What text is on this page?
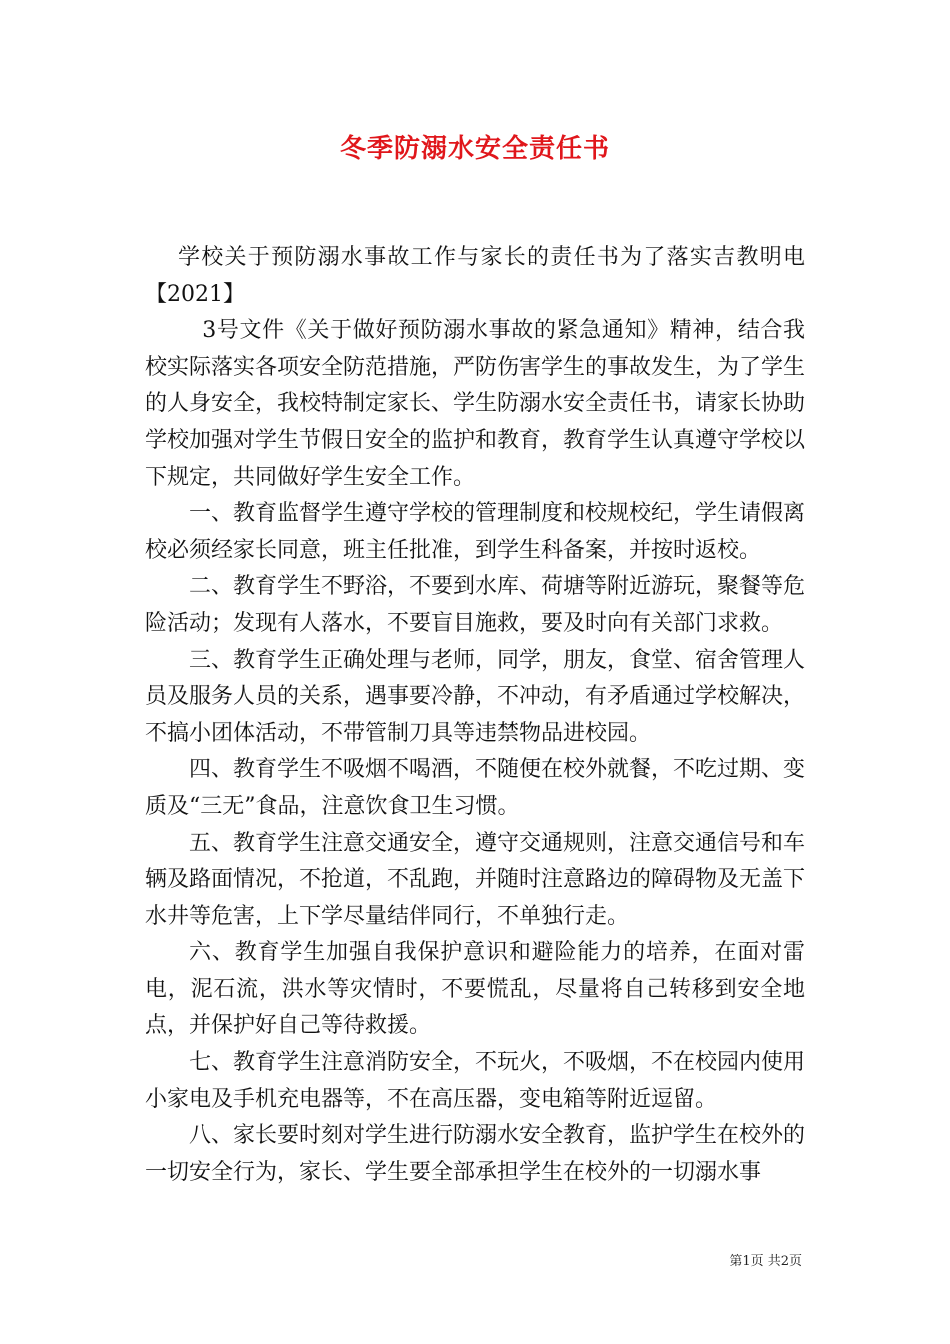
冬季防溺水安全责任书

学校关于预防溺水事故工作与家长的责任书为了落实吉教明电【2021】

3号文件《关于做好预防溺水事故的紧急通知》精神，结合我校实际落实各项安全防范措施，严防伤害学生的事故发生，为了学生的人身安全，我校特制定家长、学生防溺水安全责任书，请家长协助学校加强对学生节假日安全的监护和教育，教育学生认真遵守学校以下规定，共同做好学生安全工作。

一、教育监督学生遵守学校的管理制度和校规校纪，学生请假离校必须经家长同意，班主任批准，到学生科备案，并按时返校。

二、教育学生不野浴，不要到水库、荷塘等附近游玩，聚餐等危险活动；发现有人落水，不要盲目施救，要及时向有关部门求救。

三、教育学生正确处理与老师，同学，朋友，食堂、宿舍管理人员及服务人员的关系，遇事要冷静，不冲动，有矛盾通过学校解决，不搞小团体活动，不带管制刀具等违禁物品进校园。

四、教育学生不吸烟不喝酒，不随便在校外就餐，不吃过期、变质及“三无”食品，注意饮食卫生习惯。

五、教育学生注意交通安全，遵守交通规则，注意交通信号和车辆及路面情况，不抢道，不乱跑，并随时注意路边的障碍物及无盖下水井等危害，上下学尽量结伴同行，不单独行走。

六、教育学生加强自我保护意识和避险能力的培养，在面对雷电，泥石流，洪水等灾情时，不要慌乱，尽量将自己转移到安全地点，并保护好自己等待救援。

七、教育学生注意消防安全，不玩火，不吸烟，不在校园内使用小家电及手机充电器等，不在高压器，变电箱等附近逗留。

八、家长要时刻对学生进行防溺水安全教育，监护学生在校外的一切安全行为，家长、学生要全部承担学生在校外的一切溺水事

第1页 共2页
